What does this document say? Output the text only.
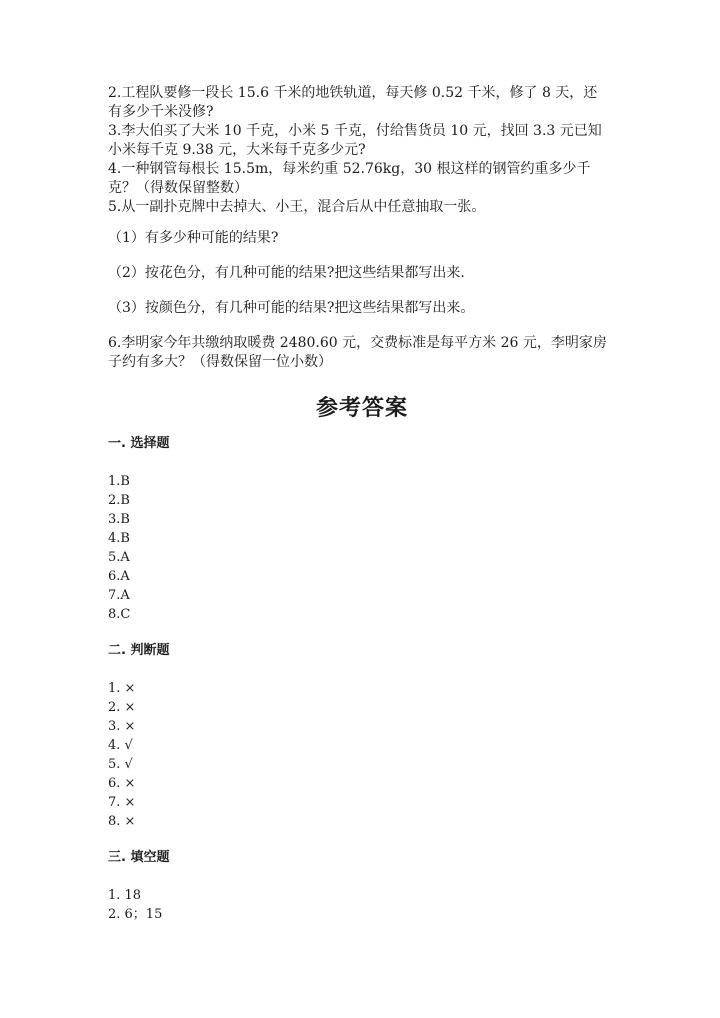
2.工程队要修一段长 15.6 千米的地铁轨道，每天修 0.52 千米，修了 8 天，还

有多少千米没修?

3.李大伯买了大米 10 千克，小米 5 千克，付给售货员 10 元，找回 3.3 元已知

小米每千克 9.38 元，大米每千克多少元?

4.一种钢管每根长 15.5m，每米约重 52.76kg，30 根这样的钢管约重多少千

克？（得数保留整数）

5.从一副扑克牌中去掉大、小王，混合后从中任意抽取一张。

（1）有多少种可能的结果?

（2）按花色分，有几种可能的结果?把这些结果都写出来.

（3）按颜色分，有几种可能的结果?把这些结果都写出来。

6.李明家今年共缴纳取暖费 2480.60 元，交费标准是每平方米 26 元，李明家房

子约有多大？（得数保留一位小数）

参考答案
一. 选择题
1.B
2.B
3.B
4.B
5.A
6.A
7.A
8.C
二. 判断题
1. ×
2. ×
3. ×
4. √
5. √
6. ×
7. ×
8. ×
三. 填空题
1. 18
2. 6；15
